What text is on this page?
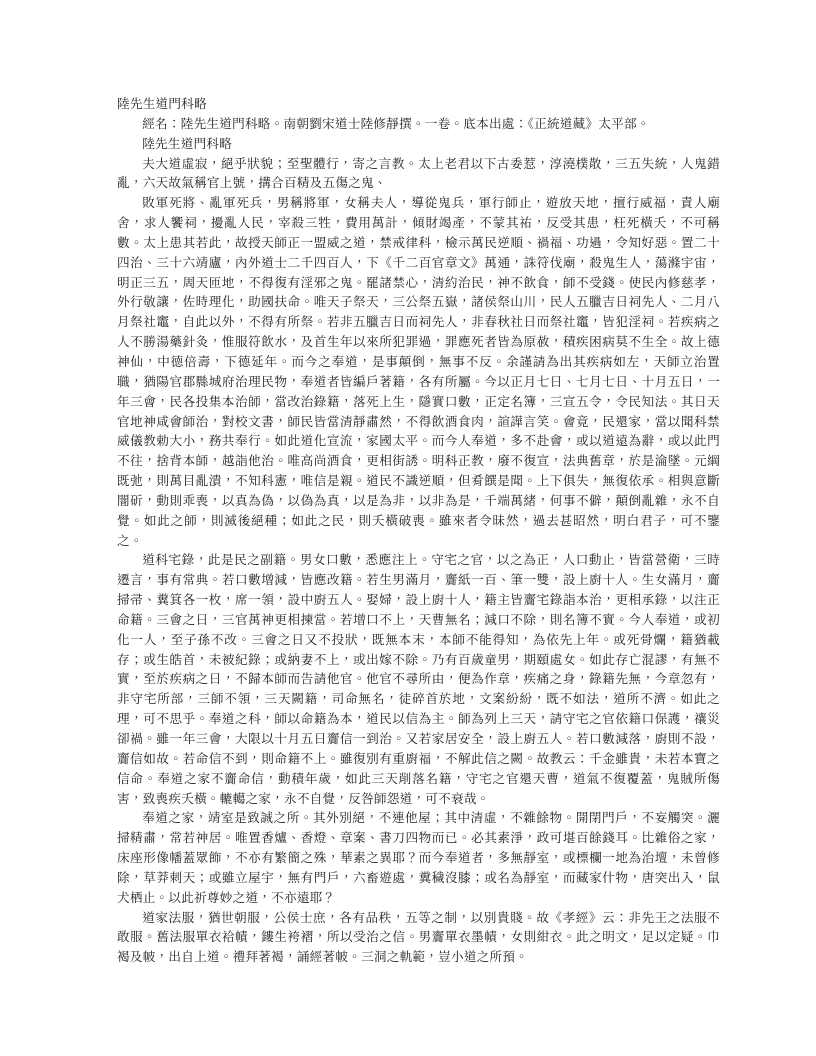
陸先生道門科略

經名：陸先生道門科略。南朝劉宋道士陸修靜撰。一卷。底本出處：《正統道藏》太平部。

陸先生道門科略

夫大道虛寂，絕乎狀貌；至聖體行，寄之言教。太上老君以下古委惹，淳澆樸散，三五失統，人鬼錯亂，六天故氣稱官上號，搆合百精及五傷之鬼、

敗軍死將、亂軍死兵，男稱將軍，女稱夫人，導從鬼兵，軍行師止，遊放天地，擅行威福，責人廟舍，求人饗祠，擾亂人民，宰殺三牲，費用萬計，傾財竭產，不蒙其祐，反受其患，枉死橫夭，不可稱數。太上患其若此，故授天師正一盟威之道，禁戒律科，檢示萬民逆順、禍福、功過，令知好惡。置二十四治、三十六靖廬，內外道士二千四百人，下《千二百官章文》萬通，誅符伐廟，殺鬼生人，蕩滌宇宙，明正三五，周天匝地，不得復有淫邪之鬼。罷諸禁心，清約治民，神不飲食，師不受錢。使民內修慈孝，外行敬讓，佐時理化，助國扶命。唯天子祭天，三公祭五嶽，諸侯祭山川，民人五臘吉日祠先人、二月八月祭社竈，自此以外，不得有所祭。若非五臘吉日而祠先人，非春秋社日而祭社竈，皆犯淫祠。若疾病之人不勝湯藥針灸，惟服符飲水，及首生年以來所犯罪過，罪應死者皆為原赦，積疾困病莫不生全。故上德神仙，中德倍壽，下德延年。而今之奉道，是事顛倒，無事不反。余謹請為出其疾病如左，天師立治置職，猶陽官郡縣城府治理民物，奉道者皆編戶著籍，各有所屬。今以正月七日、七月七日、十月五日，一年三會，民各投集本治師，當改治錄籍，落死上生，隱實口數，正定名簿，三宣五令，令民知法。其日天官地神咸會師治，對校文書，師民皆當清靜肅然，不得飲酒食肉，諠譁言笑。會竟，民還家，當以聞科禁威儀教勅大小，務共奉行。如此道化宣流，家國太平。而今人奉道，多不赴會，或以道遠為辭，或以此門不往，捨背本師，越詣他治。唯高尚酒食，更相街誘。明科正教，廢不復宣，法典舊章，於是淪墜。元綱既弛，則萬目亂潰，不知科憲，唯信是親。道民不識逆順，但肴饌是聞。上下俱失，無復依承。相與意斷闇斫，動則乖喪，以真為偽，以偽為真，以是為非，以非為是，千端萬緒，何事不僻，顛倒亂雜，永不自覺。如此之師，則滅後絕種；如此之民，則夭橫破喪。雖來者令昧然，過去甚昭然，明白君子，可不鑒之。

道科宅錄，此是民之副籍。男女口數，悉應注上。守宅之官，以之為正，人口動止，皆當營衛，三時遷言，事有常典。若口數增減，皆應改籍。若生男滿月，齎紙一百、筆一雙，設上廚十人。生女滿月，齎掃帚、糞箕各一枚，席一領，設中廚五人。娶婦，設上廚十人，籍主皆齎宅錄詣本治，更相承錄，以注正命籍。三會之日，三官萬神更相揀當。若增口不上，天曹無名；減口不除，則名簿不實。今人奉道，或初化一人，至子孫不改。三會之日又不投狀，既無本末，本師不能得知，為依先上年。或死骨爛，籍猶載存；或生皓首，未被紀錄；或納妻不上，或出嫁不除。乃有百歲童男，期頤處女。如此存亡混謬，有無不實，至於疾病之日，不歸本師而告請他官。他官不尋所由，便為作章，疾痛之身，錄籍先無，今章忽有，非守宅所部，三師不領，三天闕籍，司命無名，徒碎首於地，文案紛紛，既不如法，道所不濟。如此之理，可不思乎。奉道之科，師以命籍為本，道民以信為主。師為列上三天，請守宅之官依籍口保護，禳災卻禍。雖一年三會，大限以十月五日齎信一到治。又若家居安全，設上廚五人。若口數減落，廚則不設，齎信如故。若命信不到，則命籍不上。雖復別有重廚福，不解此信之闕。故教云：千金雖貴，未若本寶之信命。奉道之家不齎命信，動積年歲，如此三天削落名籍，守宅之官還天曹，道氣不復覆蓋，鬼賊所傷害，致喪疾夭橫。轆轕之家，永不自覺，反咎師怨道，可不衰哉。

奉道之家，靖室是致誠之所。其外別絕，不連他屋；其中清虛，不雜餘物。開閉門戶，不妄觸突。灑掃精肅，常若神居。唯置香爐、香燈、章案、書刀四物而已。必其素淨，政可堪百餘錢耳。比雜俗之家，床座形像幡蓋眾飾，不亦有繁簡之殊，華素之異耶？而今奉道者，多無靜室，或標欄一地為治壇，未曾修除，草莽刺天；或雖立屋宇，無有門戶，六畜遊處，糞穢沒膝；或名為靜室，而藏家什物，唐突出入，鼠犬栖止。以此祈尊妙之道，不亦遠耶？

道家法服，猶世朝服，公侯士庶，各有品秩，五等之制，以別貴賤。故《孝經》云：非先王之法服不敢服。舊法服單衣袷幘，鏤生袴褶，所以受治之信。男齎單衣墨幘，女則紺衣。此之明文，足以定疑。巾褐及帔，出自上道。禮拜著褐，誦經著帔。三洞之軌範，豈小道之所預。
